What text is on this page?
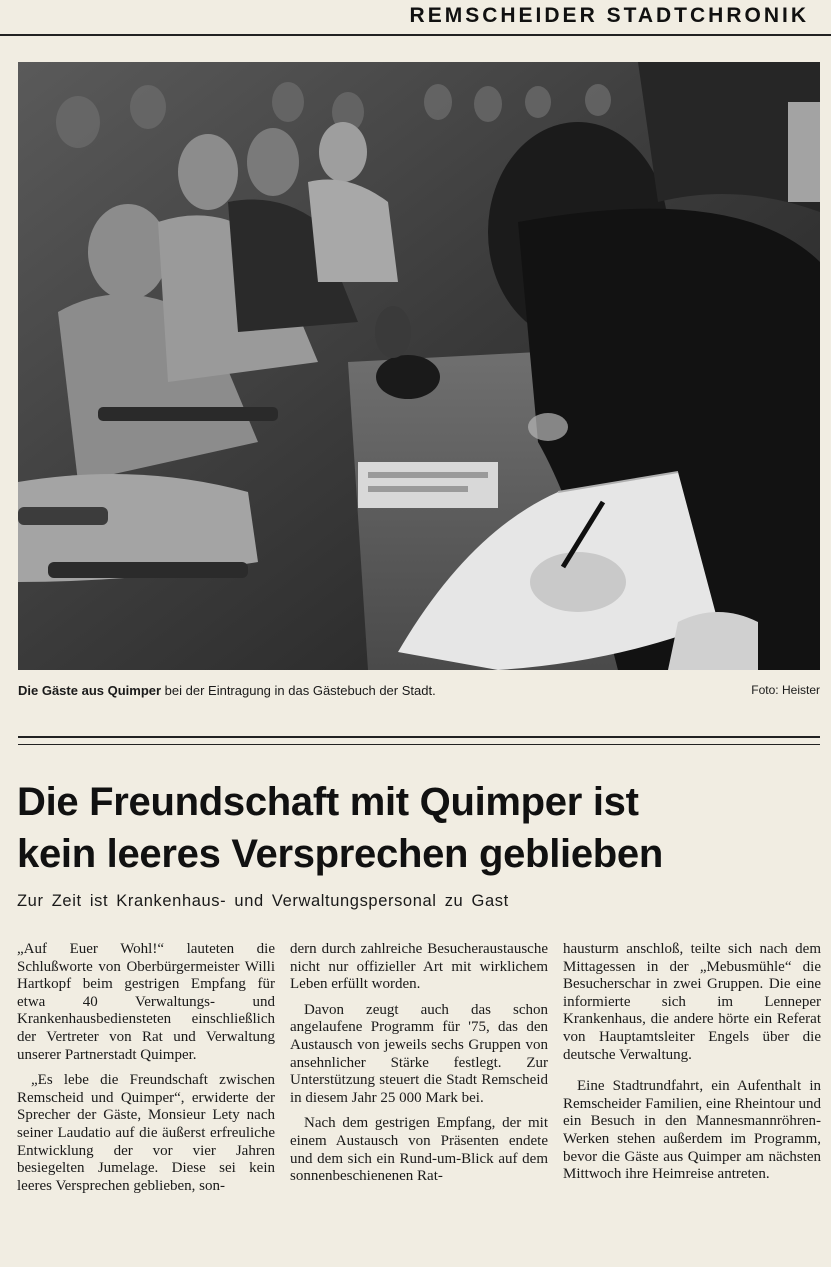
REMSCHEIDER STADTCHRONIK
Die Gäste aus Quimper bei der Eintragung in das Gästebuch der Stadt.	Foto: Heister
Die Freundschaft mit Quimper ist
kein leeres Versprechen geblieben
Zur Zeit ist Krankenhaus- und Verwaltungspersonal zu Gast

„Auf Euer Wohl!“ lauteten die Schlußworte von Oberbürgermeister Willi Hartkopf beim gestrigen Empfang für etwa 40 Verwaltungs- und Krankenhausbediensteten einschließlich der Vertreter von Rat und Verwaltung unserer Partnerstadt Quimper.

„Es lebe die Freundschaft zwischen Remscheid und Quimper“, erwiderte der Sprecher der Gäste, Monsieur Lety nach seiner Laudatio auf die äußerst erfreuliche Entwicklung der vor vier Jahren besiegelten Jumelage. Diese sei kein leeres Versprechen geblieben, son-

dern durch zahlreiche Besucheraustausche nicht nur offizieller Art mit wirklichem Leben erfüllt worden.

Davon zeugt auch das schon angelaufene Programm für '75, das den Austausch von jeweils sechs Gruppen von ansehnlicher Stärke festlegt. Zur Unterstützung steuert die Stadt Remscheid in diesem Jahr 25 000 Mark bei.

Nach dem gestrigen Empfang, der mit einem Austausch von Präsenten endete und dem sich ein Rund-um-Blick auf dem sonnenbeschienenen Rat-

hausturm anschloß, teilte sich nach dem Mittagessen in der „Mebusmühle“ die Besucherschar in zwei Gruppen. Die eine informierte sich im Lenneper Krankenhaus, die andere hörte ein Referat von Hauptamtsleiter Engels über die deutsche Verwaltung.

Eine Stadtrundfahrt, ein Aufenthalt in Remscheider Familien, eine Rheintour und ein Besuch in den Mannesmannröhren-Werken stehen außerdem im Programm, bevor die Gäste aus Quimper am nächsten Mittwoch ihre Heimreise antreten.
